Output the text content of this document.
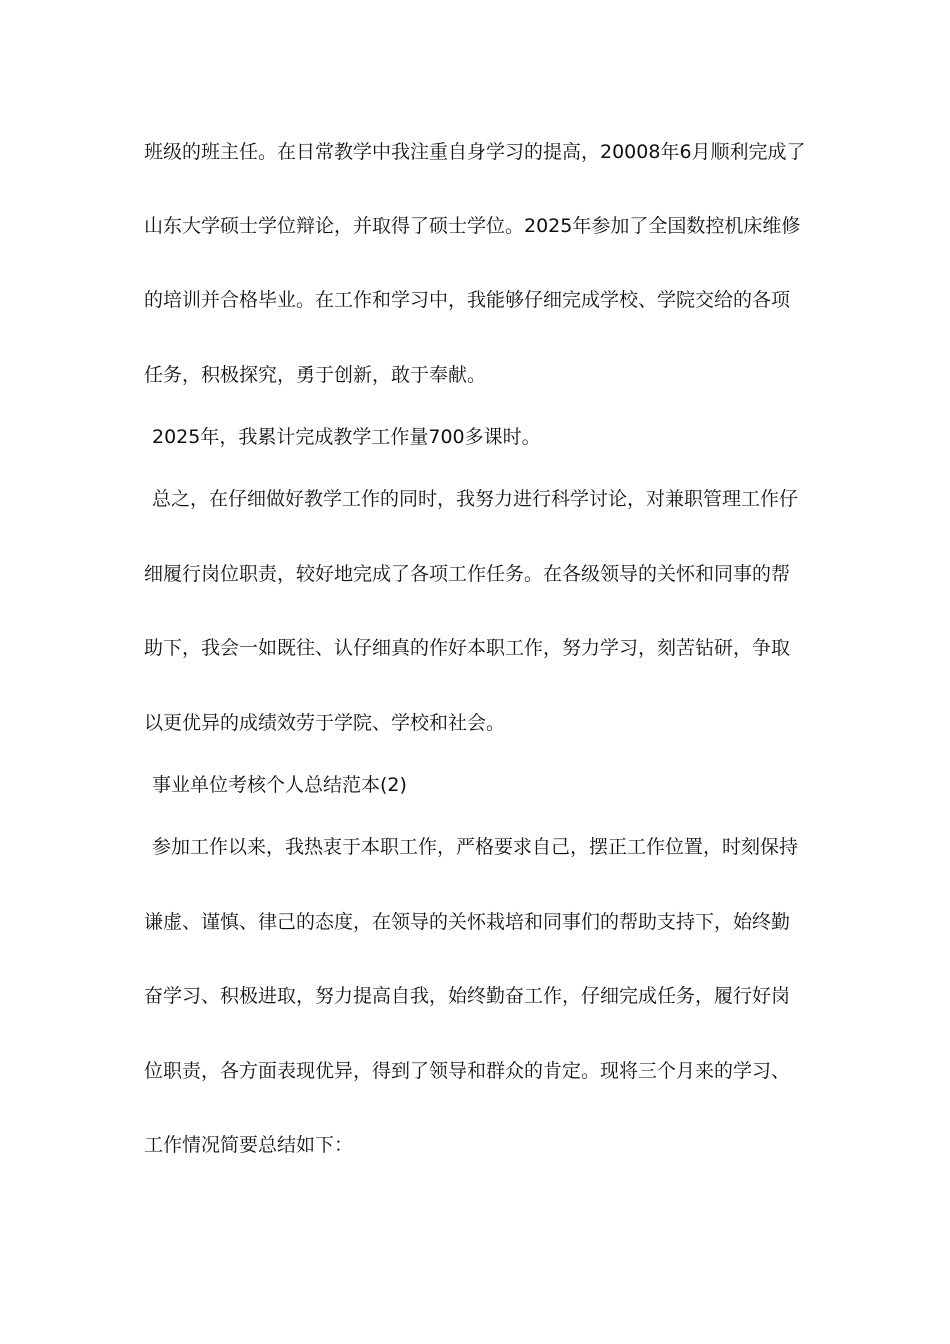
班级的班主任。在日常教学中我注重自身学习的提高，20008年6月顺利完成了
山东大学硕士学位辩论，并取得了硕士学位。2025年参加了全国数控机床维修
的培训并合格毕业。在工作和学习中，我能够仔细完成学校、学院交给的各项
任务，积极探究，勇于创新，敢于奉献。
2025年，我累计完成教学工作量700多课时。
总之，在仔细做好教学工作的同时，我努力进行科学讨论，对兼职管理工作仔
细履行岗位职责，较好地完成了各项工作任务。在各级领导的关怀和同事的帮
助下，我会一如既往、认仔细真的作好本职工作，努力学习，刻苦钻研，争取
以更优异的成绩效劳于学院、学校和社会。
事业单位考核个人总结范本(2)
参加工作以来，我热衷于本职工作，严格要求自己，摆正工作位置，时刻保持
谦虚、谨慎、律己的态度，在领导的关怀栽培和同事们的帮助支持下，始终勤
奋学习、积极进取，努力提高自我，始终勤奋工作，仔细完成任务，履行好岗
位职责，各方面表现优异，得到了领导和群众的肯定。现将三个月来的学习、
工作情况简要总结如下：
